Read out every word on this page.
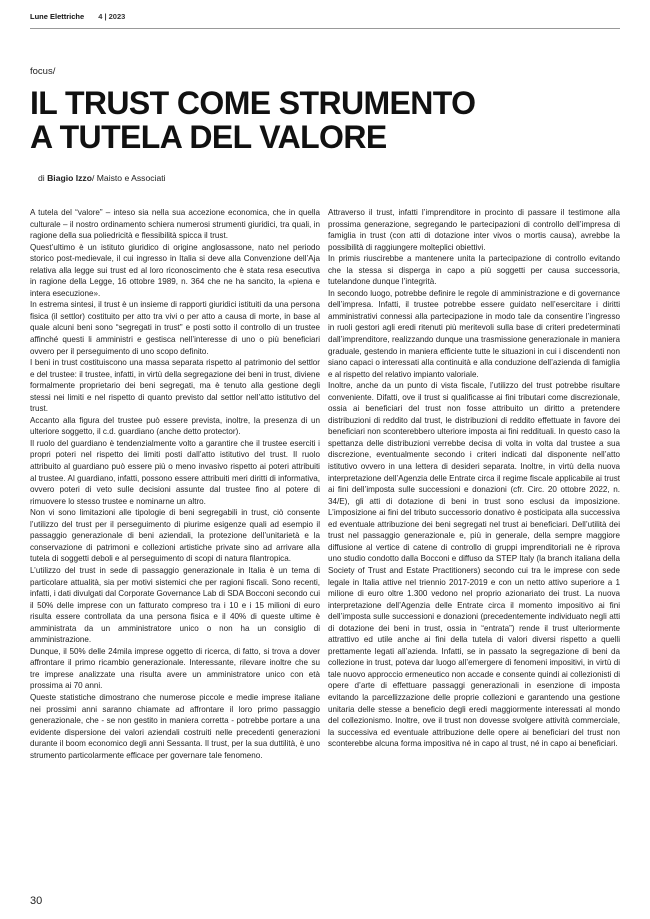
Lune Elettriche 4 | 2023
focus/
IL TRUST COME STRUMENTO
A TUTELA DEL VALORE
di Biagio Izzo/ Maisto e Associati

A tutela del “valore” – inteso sia nella sua accezione economica, che in quella culturale – il nostro ordinamento schiera numerosi strumenti giuridici, tra quali, in ragione della sua poliedricità e flessibilità spicca il trust.

Quest’ultimo è un istituto giuridico di origine anglosassone, nato nel periodo storico post-medievale, il cui ingresso in Italia si deve alla Convenzione dell’Aja relativa alla legge sui trust ed al loro riconoscimento che è stata resa esecutiva in ragione della Legge, 16 ottobre 1989, n. 364 che ne ha sancito, la «piena e intera esecuzione».

In estrema sintesi, il trust è un insieme di rapporti giuridici istituiti da una persona fisica (il settlor) costituito per atto tra vivi o per atto a causa di morte, in base al quale alcuni beni sono “segregati in trust” e posti sotto il controllo di un trustee affinché questi li amministri e gestisca nell’interesse di uno o più beneficiari ovvero per il perseguimento di uno scopo definito.

I beni in trust costituiscono una massa separata rispetto al patrimonio del settlor e del trustee: il trustee, infatti, in virtù della segregazione dei beni in trust, diviene formalmente proprietario dei beni segregati, ma è tenuto alla gestione degli stessi nei limiti e nel rispetto di quanto previsto dal settlor nell’atto istitutivo del trust.

Accanto alla figura del trustee può essere prevista, inoltre, la presenza di un ulteriore soggetto, il c.d. guardiano (anche detto protector).

Il ruolo del guardiano è tendenzialmente volto a garantire che il trustee eserciti i propri poteri nel rispetto dei limiti posti dall’atto istitutivo del trust. Il ruolo attribuito al guardiano può essere più o meno invasivo rispetto ai poteri attribuiti al trustee. Al guardiano, infatti, possono essere attribuiti meri diritti di informativa, ovvero poteri di veto sulle decisioni assunte dal trustee fino al potere di rimuovere lo stesso trustee e nominarne un altro.

Non vi sono limitazioni alle tipologie di beni segregabili in trust, ciò consente l’utilizzo del trust per il perseguimento di piurime esigenze quali ad esempio il passaggio generazionale di beni aziendali, la protezione dell’unitarietà e la conservazione di patrimoni e collezioni artistiche private sino ad arrivare alla tutela di soggetti deboli e al perseguimento di scopi di natura filantropica.

L’utilizzo del trust in sede di passaggio generazionale in Italia è un tema di particolare attualità, sia per motivi sistemici che per ragioni fiscali. Sono recenti, infatti, i dati divulgati dal Corporate Governance Lab di SDA Bocconi secondo cui il 50% delle imprese con un fatturato compreso tra i 10 e i 15 milioni di euro risulta essere controllata da una persona fisica e il 40% di queste ultime è amministrata da un amministratore unico o non ha un consiglio di amministrazione.

Dunque, il 50% delle 24mila imprese oggetto di ricerca, di fatto, si trova a dover affrontare il primo ricambio generazionale. Interessante, rilevare inoltre che su tre imprese analizzate una risulta avere un amministratore unico con età prossima ai 70 anni.

Queste statistiche dimostrano che numerose piccole e medie imprese italiane nei prossimi anni saranno chiamate ad affrontare il loro primo passaggio generazionale, che - se non gestito in maniera corretta - potrebbe portare a una evidente dispersione dei valori aziendali costruiti nelle precedenti generazioni durante il boom economico degli anni Sessanta. Il trust, per la sua duttilità, è uno strumento particolarmente efficace per governare tale fenomeno.

Attraverso il trust, infatti l’imprenditore in procinto di passare il testimone alla prossima generazione, segregando le partecipazioni di controllo dell’impresa di famiglia in trust (con atti di dotazione inter vivos o mortis causa), avrebbe la possibilità di raggiungere molteplici obiettivi.

In primis riuscirebbe a mantenere unita la partecipazione di controllo evitando che la stessa si disperga in capo a più soggetti per causa successoria, tutelandone dunque l’integrità.

In secondo luogo, potrebbe definire le regole di amministrazione e di governance dell’impresa. Infatti, il trustee potrebbe essere guidato nell’esercitare i diritti amministrativi connessi alla partecipazione in modo tale da consentire l’ingresso in ruoli gestori agli eredi ritenuti più meritevoli sulla base di criteri predeterminati dall’imprenditore, realizzando dunque una trasmissione generazionale in maniera graduale, gestendo in maniera efficiente tutte le situazioni in cui i discendenti non siano capaci o interessati alla continuità e alla conduzione dell’azienda di famiglia e al rispetto del relativo impianto valoriale.

Inoltre, anche da un punto di vista fiscale, l’utilizzo del trust potrebbe risultare conveniente. Difatti, ove il trust si qualificasse ai fini tributari come discrezionale, ossia ai beneficiari del trust non fosse attribuito un diritto a pretendere distribuzioni di reddito dal trust, le distribuzioni di reddito effettuate in favore dei beneficiari non sconterebbero ulteriore imposta ai fini reddituali. In questo caso la spettanza delle distribuzioni verrebbe decisa di volta in volta dal trustee a sua discrezione, eventualmente secondo i criteri indicati dal disponente nell’atto istitutivo ovvero in una lettera di desideri separata. Inoltre, in virtù della nuova interpretazione dell’Agenzia delle Entrate circa il regime fiscale applicabile ai trust ai fini dell’imposta sulle successioni e donazioni (cfr. Circ. 20 ottobre 2022, n. 34/E), gli atti di dotazione di beni in trust sono esclusi da imposizione. L’imposizione ai fini del tributo successorio donativo è posticipata alla successiva ed eventuale attribuzione dei beni segregati nel trust ai beneficiari. Dell’utilità dei trust nel passaggio generazionale e, più in generale, della sempre maggiore diffusione al vertice di catene di controllo di gruppi imprenditoriali ne è riprova uno studio condotto dalla Bocconi e diffuso da STEP Italy (la branch italiana della Society of Trust and Estate Practitioners) secondo cui tra le imprese con sede legale in Italia attive nel triennio 2017-2019 e con un netto attivo superiore a 1 milione di euro oltre 1.300 vedono nel proprio azionariato dei trust. La nuova interpretazione dell’Agenzia delle Entrate circa il momento impositivo ai fini dell’imposta sulle successioni e donazioni (precedentemente individuato negli atti di dotazione dei beni in trust, ossia in “entrata”) rende il trust ulteriormente attrattivo ed utile anche ai fini della tutela di valori diversi rispetto a quelli prettamente legati all’azienda. Infatti, se in passato la segregazione di beni da collezione in trust, poteva dar luogo all’emergere di fenomeni impositivi, in virtù di tale nuovo approccio ermeneutico non accade e consente quindi ai collezionisti di opere d’arte di effettuare passaggi generazionali in esenzione di imposta evitando la parcellizzazione delle proprie collezioni e garantendo una gestione unitaria delle stesse a beneficio degli eredi maggiormente interessati al mondo del collezionismo. Inoltre, ove il trust non dovesse svolgere attività commerciale, la successiva ed eventuale attribuzione delle opere ai beneficiari del trust non sconterebbe alcuna forma impositiva né in capo al trust, né in capo ai beneficiari.

30
